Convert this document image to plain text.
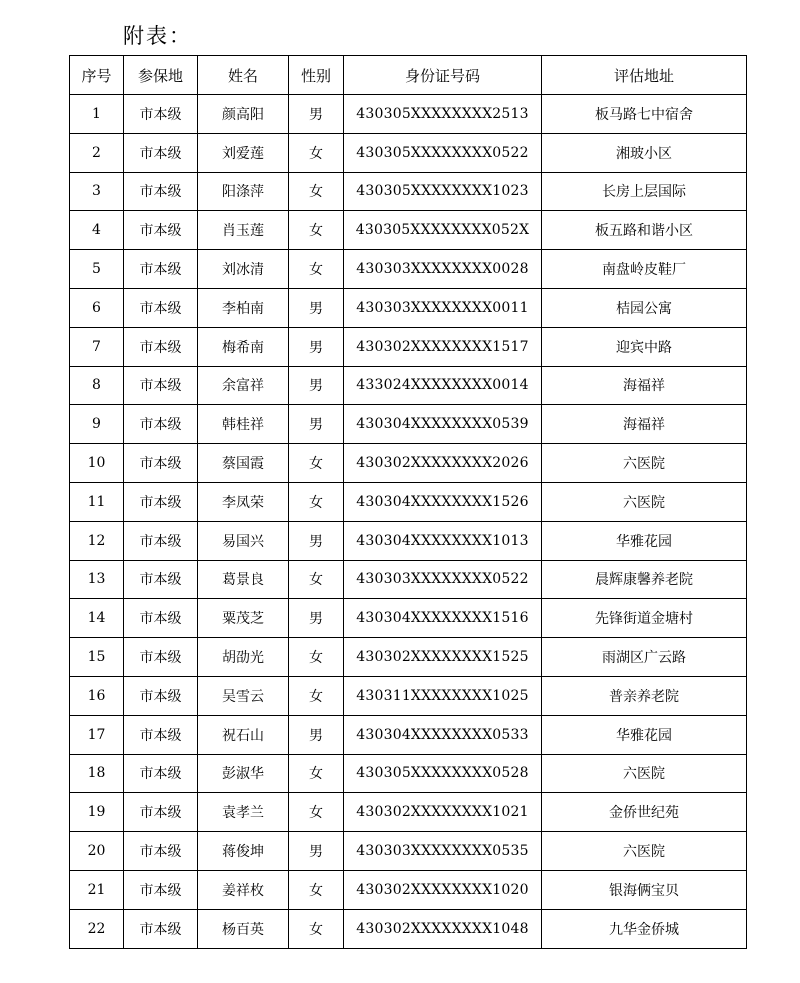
附表：
序号	参保地	姓名	性别	身份证号码	评估地址
1	市本级	颜高阳	男	430305XXXXXXXX2513	板马路七中宿舍
2	市本级	刘爱莲	女	430305XXXXXXXX0522	湘玻小区
3	市本级	阳涤萍	女	430305XXXXXXXX1023	长房上层国际
4	市本级	肖玉莲	女	430305XXXXXXXX052X	板五路和谐小区
5	市本级	刘冰清	女	430303XXXXXXXX0028	南盘岭皮鞋厂
6	市本级	李柏南	男	430303XXXXXXXX0011	桔园公寓
7	市本级	梅希南	男	430302XXXXXXXX1517	迎宾中路
8	市本级	余富祥	男	433024XXXXXXXX0014	海福祥
9	市本级	韩桂祥	男	430304XXXXXXXX0539	海福祥
10	市本级	蔡国霞	女	430302XXXXXXXX2026	六医院
11	市本级	李凤荣	女	430304XXXXXXXX1526	六医院
12	市本级	易国兴	男	430304XXXXXXXX1013	华雅花园
13	市本级	葛景良	女	430303XXXXXXXX0522	晨辉康馨养老院
14	市本级	粟茂芝	男	430304XXXXXXXX1516	先锋街道金塘村
15	市本级	胡劭光	女	430302XXXXXXXX1525	雨湖区广云路
16	市本级	吴雪云	女	430311XXXXXXXX1025	普亲养老院
17	市本级	祝石山	男	430304XXXXXXXX0533	华雅花园
18	市本级	彭淑华	女	430305XXXXXXXX0528	六医院
19	市本级	袁孝兰	女	430302XXXXXXXX1021	金侨世纪苑
20	市本级	蒋俊坤	男	430303XXXXXXXX0535	六医院
21	市本级	姜祥枚	女	430302XXXXXXXX1020	银海俩宝贝
22	市本级	杨百英	女	430302XXXXXXXX1048	九华金侨城
